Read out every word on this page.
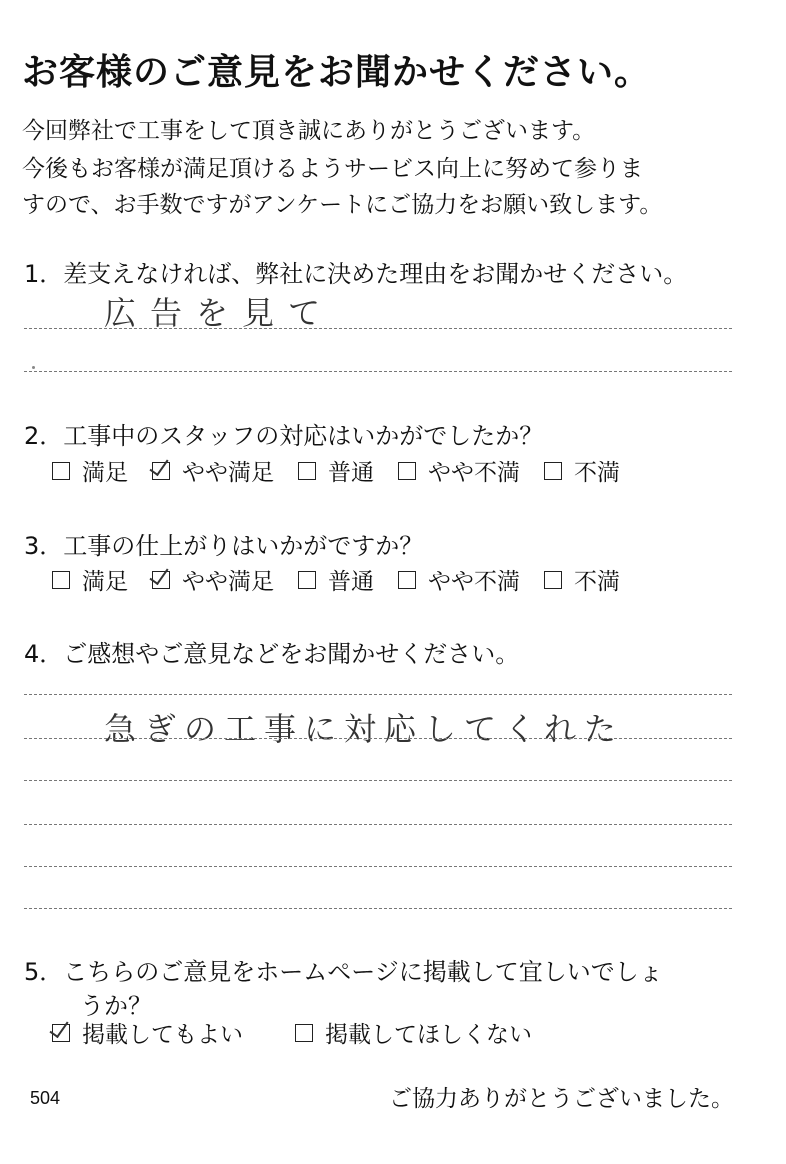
お客様のご意見をお聞かせください。
今回弊社で工事をして頂き誠にありがとうございます。
今後もお客様が満足頂けるようサービス向上に努めて参りま
すので、お手数ですがアンケートにご協力をお願い致します。
1．差支えなければ、弊社に決めた理由をお聞かせください。
広告を見て
2．工事中のスタッフの対応はいかがでしたか？
満足 やや満足 普通 やや不満 不満
3．工事の仕上がりはいかがですか？
満足 やや満足 普通 やや不満 不満
4．ご感想やご意見などをお聞かせください。
急ぎの工事に対応してくれた
5．こちらのご意見をホームページに掲載して宜しいでしょ
うか？
掲載してもよい	掲載してほしくない
504	ご協力ありがとうございました。
